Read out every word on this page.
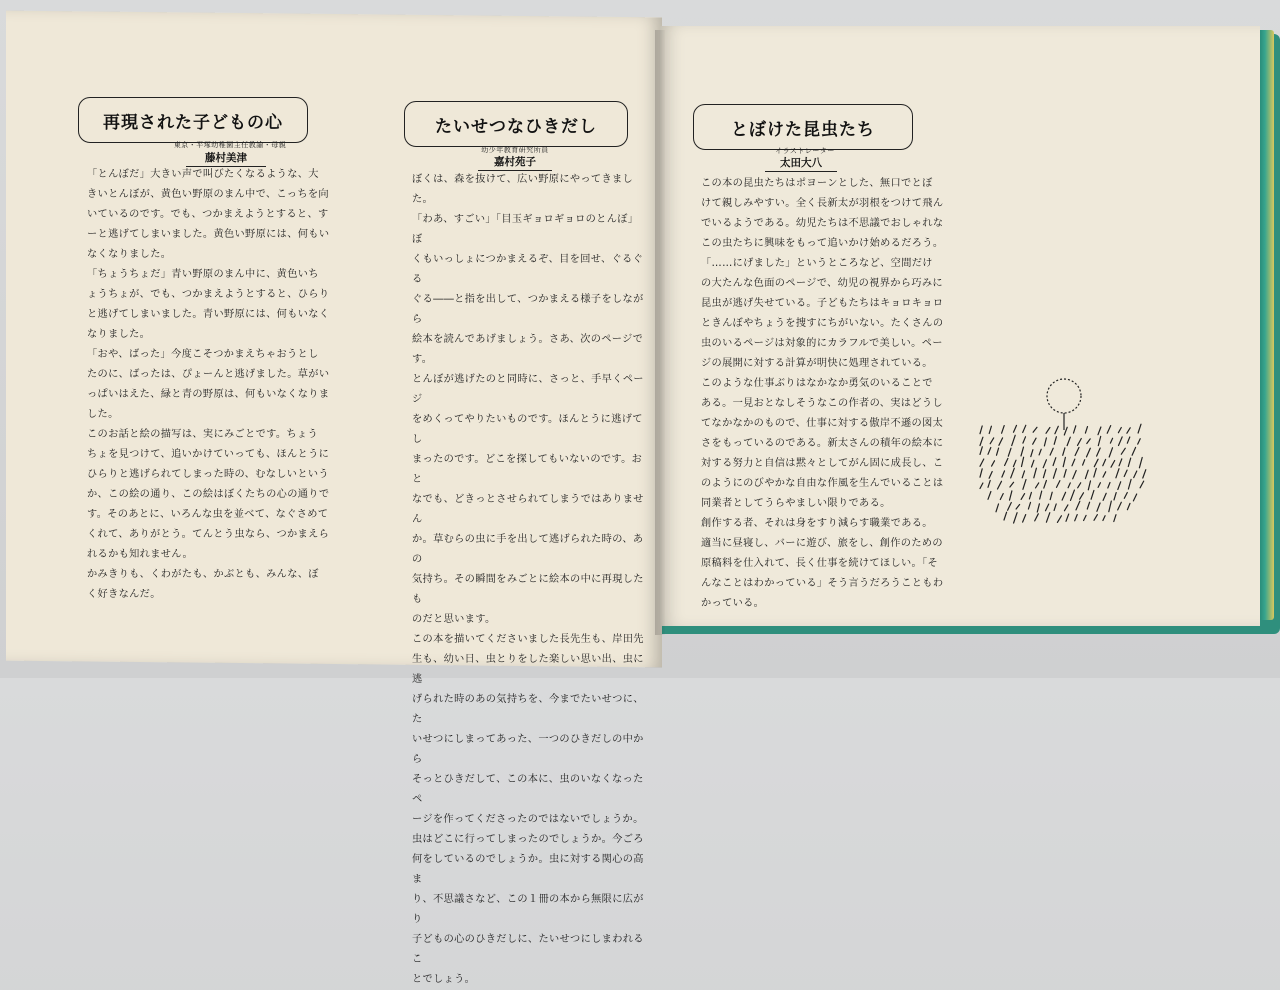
再現された子どもの心
東京・平塚幼稚園主任教諭・母親
藤村美津

「とんぼだ」大きい声で叫びたくなるような、大

きいとんぼが、黄色い野原のまん中で、こっちを向

いているのです。でも、つかまえようとすると、す

ーと逃げてしまいました。黄色い野原には、何もい

なくなりました。

「ちょうちょだ」青い野原のまん中に、黄色いち

ょうちょが、でも、つかまえようとすると、ひらり

と逃げてしまいました。青い野原には、何もいなく

なりました。

「おや、ばった」今度こそつかまえちゃおうとし

たのに、ばったは、ぴょーんと逃げました。草がい

っぱいはえた、緑と青の野原は、何もいなくなりま

した。

このお話と絵の描写は、実にみごとです。ちょう

ちょを見つけて、追いかけていっても、ほんとうに

ひらりと逃げられてしまった時の、むなしいという

か、この絵の通り、この絵はぼくたちの心の通りで

す。そのあとに、いろんな虫を並べて、なぐさめて

くれて、ありがとう。てんとう虫なら、つかまえら

れるかも知れません。

かみきりも、くわがたも、かぶとも、みんな、ぼ

く好きなんだ。

たいせつなひきだし
幼少年教育研究所員
嘉村苑子

ぼくは、森を抜けて、広い野原にやってきました。

「わあ、すごい」「目玉ギョロギョロのとんぼ」ぼ

くもいっしょにつかまえるぞ、目を回せ、ぐるぐる

ぐる――と指を出して、つかまえる様子をしながら

絵本を読んであげましょう。さあ、次のページです。

とんぼが逃げたのと同時に、さっと、手早くページ

をめくってやりたいものです。ほんとうに逃げてし

まったのです。どこを探してもいないのです。おと

なでも、どきっとさせられてしまうではありません

か。草むらの虫に手を出して逃げられた時の、あの

気持ち。その瞬間をみごとに絵本の中に再現したも

のだと思います。

この本を描いてくださいました長先生も、岸田先

生も、幼い日、虫とりをした楽しい思い出、虫に逃

げられた時のあの気持ちを、今までたいせつに、た

いせつにしまってあった、一つのひきだしの中から

そっとひきだして、この本に、虫のいなくなったペ

ージを作ってくださったのではないでしょうか。

虫はどこに行ってしまったのでしょうか。今ごろ

何をしているのでしょうか。虫に対する関心の高ま

り、不思議さなど、この１冊の本から無限に広がり

子どもの心のひきだしに、たいせつにしまわれるこ

とでしょう。

とぼけた昆虫たち
イラストレーター
太田大八

この本の昆虫たちはポヨーンとした、無口でとぼ

けて親しみやすい。全く長新太が羽根をつけて飛ん

でいるようである。幼児たちは不思議でおしゃれな

この虫たちに興味をもって追いかけ始めるだろう。

「……にげました」というところなど、空間だけ

の大たんな色面のページで、幼児の視界から巧みに

昆虫が逃げ失せている。子どもたちはキョロキョロ

ときんぼやちょうを捜すにちがいない。たくさんの

虫のいるページは対象的にカラフルで美しい。ペー

ジの展開に対する計算が明快に処理されている。

このような仕事ぶりはなかなか勇気のいることで

ある。一見おとなしそうなこの作者の、実はどうし

てなかなかのもので、仕事に対する傲岸不遜の図太

さをもっているのである。新太さんの積年の絵本に

対する努力と自信は黙々としてがん固に成長し、こ

のようにのびやかな自由な作風を生んでいることは

同業者としてうらやましい限りである。

創作する者、それは身をすり減らす職業である。

適当に昼寝し、バーに遊び、旅をし、創作のための

原稿料を仕入れて、長く仕事を続けてほしい。「そ

んなことはわかっている」そう言うだろうこともわ

かっている。
